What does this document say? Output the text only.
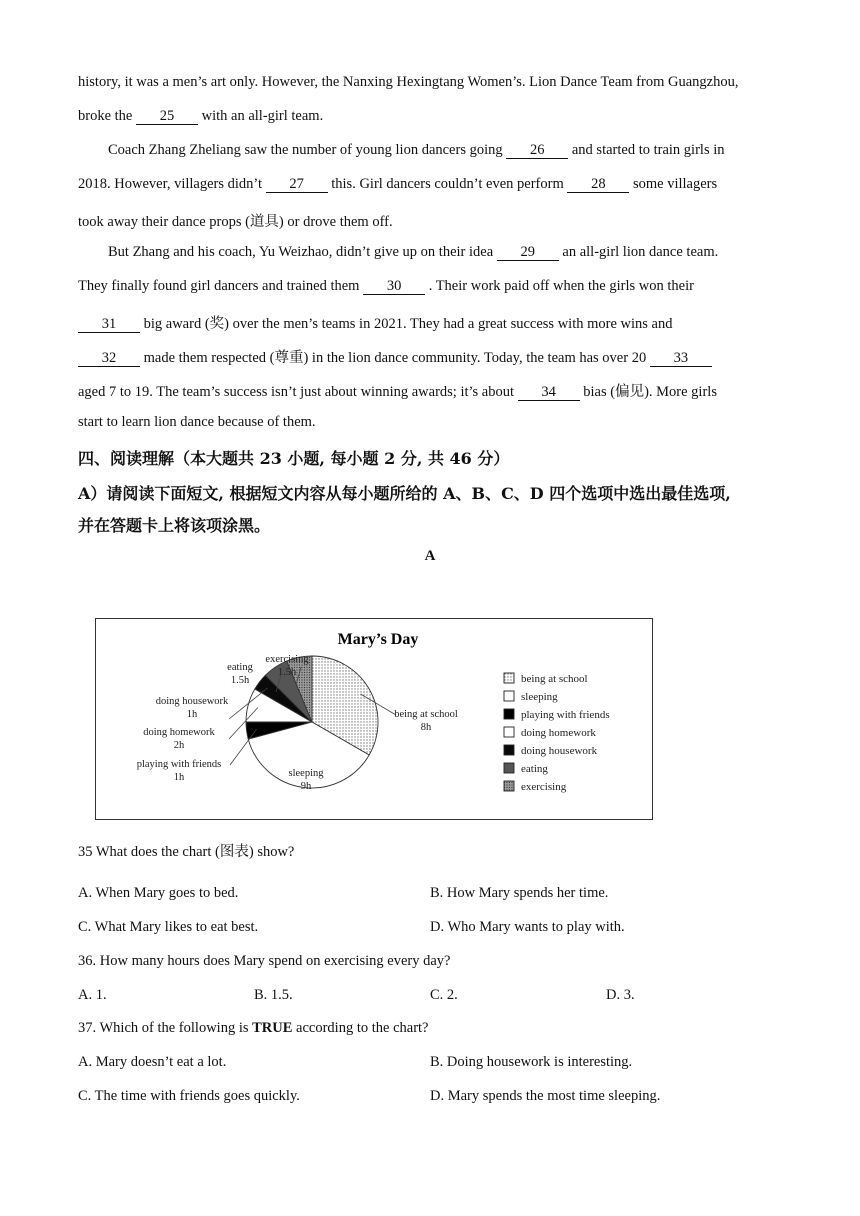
history, it was a men’s art only. However, the Nanxing Hexingtang Women’s. Lion Dance Team from Guangzhou,
broke the 25 with an all-girl team.
Coach Zhang Zheliang saw the number of young lion dancers going 26 and started to train girls in
2018. However, villagers didn’t 27 this. Girl dancers couldn’t even perform 28 some villagers
took away their dance props (道具) or drove them off.
But Zhang and his coach, Yu Weizhao, didn’t give up on their idea 29 an all-girl lion dance team.
They finally found girl dancers and trained them 30 . Their work paid off when the girls won their
31 big award (奖) over the men’s teams in 2021. They had a great success with more wins and
32 made them respected (尊重) in the lion dance community. Today, the team has over 20 33
aged 7 to 19. The team’s success isn’t just about winning awards; it’s about 34 bias (偏见). More girls
start to learn lion dance because of them.
四、阅读理解（本大题共 23 小题, 每小题 2 分, 共 46 分）
A）请阅读下面短文, 根据短文内容从每小题所给的 A、B、C、D 四个选项中选出最佳选项,
并在答题卡上将该项涂黑。
A
Mary’s Day
being at school
8h
sleeping
9h
playing with friends
1h
doing homework
2h
doing housework
1h
eating
1.5h
exercising
1.5h
being at school
sleeping
playing with friends
doing homework
doing housework
eating
exercising
35 What does the chart (图表) show?
A. When Mary goes to bed.	B. How Mary spends her time.
C. What Mary likes to eat best.	D. Who Mary wants to play with.
36. How many hours does Mary spend on exercising every day?
A. 1.	B. 1.5.	C. 2.	D. 3.
37. Which of the following is TRUE according to the chart?
A. Mary doesn’t eat a lot.	B. Doing housework is interesting.
C. The time with friends goes quickly.	D. Mary spends the most time sleeping.
